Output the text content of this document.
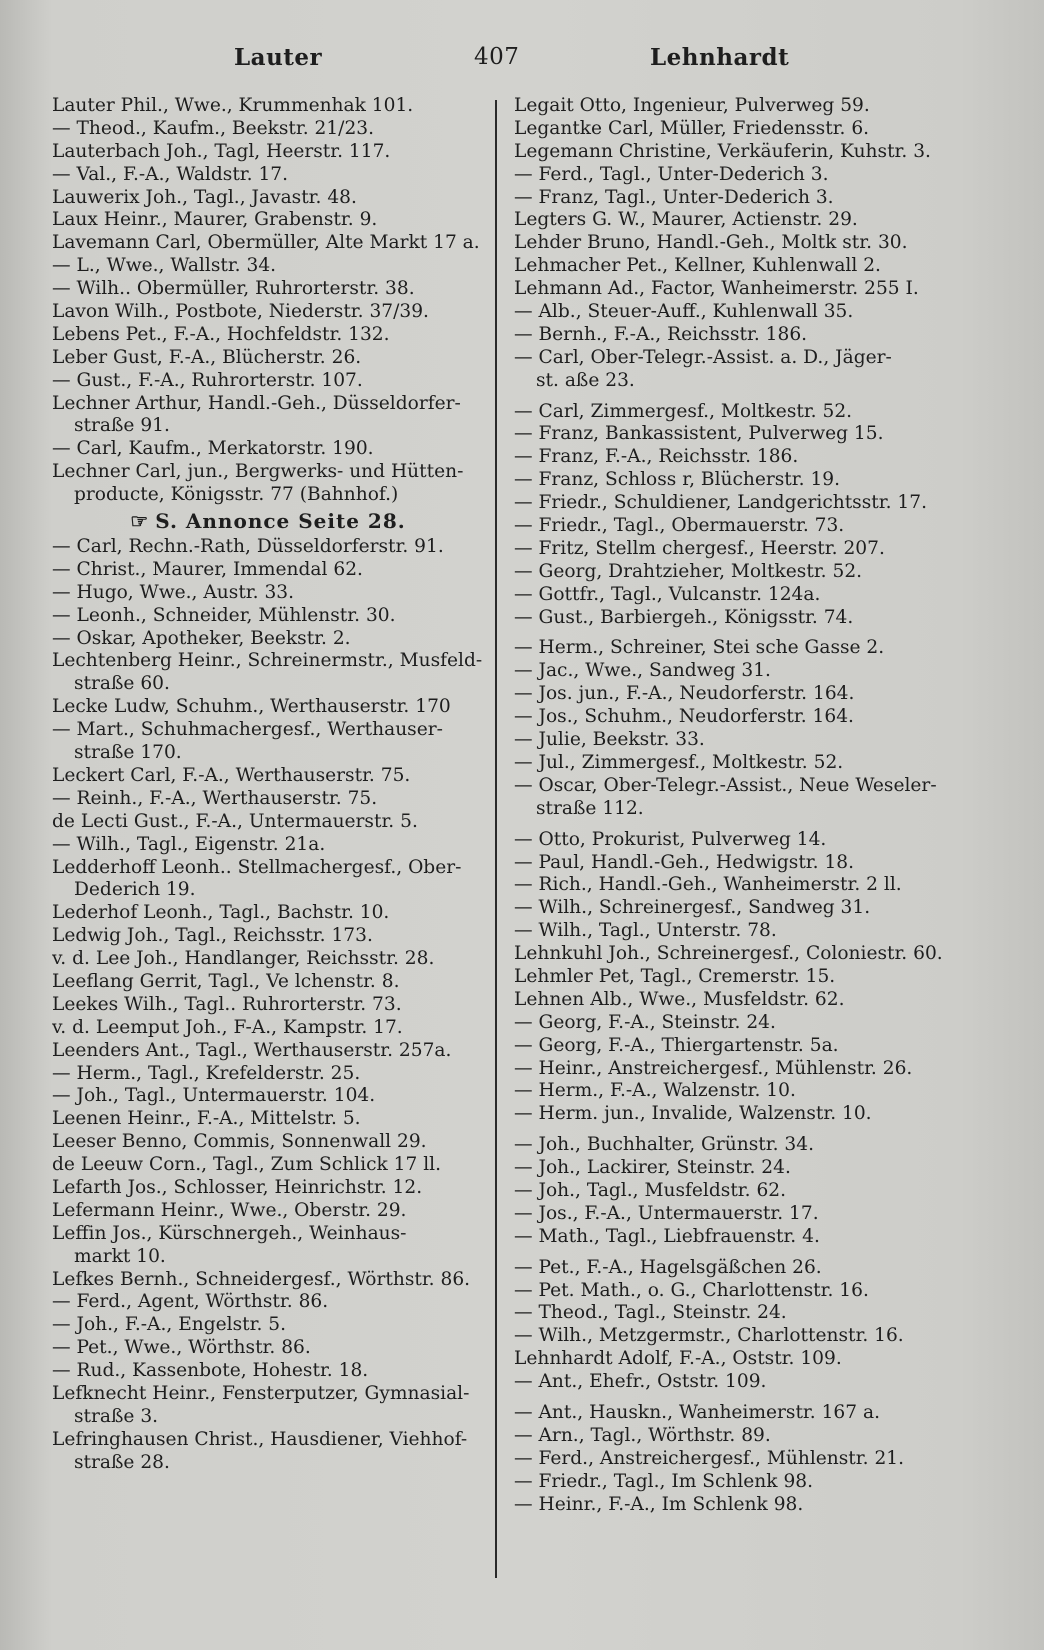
Lauter	407	Lehnhardt
Lauter Phil., Wwe., Krummenhak 101.
— Theod., Kaufm., Beekstr. 21/23.
Lauterbach Joh., Tagl, Heerstr. 117.
— Val., F.-A., Waldstr. 17.
Lauwerix Joh., Tagl., Javastr. 48.
Laux Heinr., Maurer, Grabenstr. 9.
Lavemann Carl, Obermüller, Alte Markt 17 a.
— L., Wwe., Wallstr. 34.
— Wilh.. Obermüller, Ruhrorterstr. 38.
Lavon Wilh., Postbote, Niederstr. 37/39.
Lebens Pet., F.-A., Hochfeldstr. 132.
Leber Gust, F.-A., Blücherstr. 26.
— Gust., F.-A., Ruhrorterstr. 107.
Lechner Arthur, Handl.-Geh., Düsseldorfer-
straße 91.
— Carl, Kaufm., Merkatorstr. 190.
Lechner Carl, jun., Bergwerks- und Hütten-
producte, Königsstr. 77 (Bahnhof.)
☞ S. Annonce Seite 28.
— Carl, Rechn.-Rath, Düsseldorferstr. 91.
— Christ., Maurer, Immendal 62.
— Hugo, Wwe., Austr. 33.
— Leonh., Schneider, Mühlenstr. 30.
— Oskar, Apotheker, Beekstr. 2.
Lechtenberg Heinr., Schreinermstr., Musfeld-
straße 60.
Lecke Ludw, Schuhm., Werthauserstr. 170
— Mart., Schuhmachergesf., Werthauser-
straße 170.
Leckert Carl, F.-A., Werthauserstr. 75.
— Reinh., F.-A., Werthauserstr. 75.
de Lecti Gust., F.-A., Untermauerstr. 5.
— Wilh., Tagl., Eigenstr. 21a.
Ledderhoff Leonh.. Stellmachergesf., Ober-
Dederich 19.
Lederhof Leonh., Tagl., Bachstr. 10.
Ledwig Joh., Tagl., Reichsstr. 173.
v. d. Lee Joh., Handlanger, Reichsstr. 28.
Leeflang Gerrit, Tagl., Ve lchenstr. 8.
Leekes Wilh., Tagl.. Ruhrorterstr. 73.
v. d. Leemput Joh., F-A., Kampstr. 17.
Leenders Ant., Tagl., Werthauserstr. 257a.
— Herm., Tagl., Krefelderstr. 25.
— Joh., Tagl., Untermauerstr. 104.
Leenen Heinr., F.-A., Mittelstr. 5.
Leeser Benno, Commis, Sonnenwall 29.
de Leeuw Corn., Tagl., Zum Schlick 17 ll.
Lefarth Jos., Schlosser, Heinrichstr. 12.
Lefermann Heinr., Wwe., Oberstr. 29.
Leffin Jos., Kürschnergeh., Weinhaus-
markt 10.
Lefkes Bernh., Schneidergesf., Wörthstr. 86.
— Ferd., Agent, Wörthstr. 86.
— Joh., F.-A., Engelstr. 5.
— Pet., Wwe., Wörthstr. 86.
— Rud., Kassenbote, Hohestr. 18.
Lefknecht Heinr., Fensterputzer, Gymnasial-
straße 3.
Lefringhausen Christ., Hausdiener, Viehhof-
straße 28.
Legait Otto, Ingenieur, Pulverweg 59.
Legantke Carl, Müller, Friedensstr. 6.
Legemann Christine, Verkäuferin, Kuhstr. 3.
— Ferd., Tagl., Unter-Dederich 3.
— Franz, Tagl., Unter-Dederich 3.
Legters G. W., Maurer, Actienstr. 29.
Lehder Bruno, Handl.-Geh., Moltk str. 30.
Lehmacher Pet., Kellner, Kuhlenwall 2.
Lehmann Ad., Factor, Wanheimerstr. 255 I.
— Alb., Steuer-Auff., Kuhlenwall 35.
— Bernh., F.-A., Reichsstr. 186.
— Carl, Ober-Telegr.-Assist. a. D., Jäger-
st. aße 23.
— Carl, Zimmergesf., Moltkestr. 52.
— Franz, Bankassistent, Pulverweg 15.
— Franz, F.-A., Reichsstr. 186.
— Franz, Schloss r, Blücherstr. 19.
— Friedr., Schuldiener, Landgerichtsstr. 17.
— Friedr., Tagl., Obermauerstr. 73.
— Fritz, Stellm chergesf., Heerstr. 207.
— Georg, Drahtzieher, Moltkestr. 52.
— Gottfr., Tagl., Vulcanstr. 124a.
— Gust., Barbiergeh., Königsstr. 74.
— Herm., Schreiner, Stei sche Gasse 2.
— Jac., Wwe., Sandweg 31.
— Jos. jun., F.-A., Neudorferstr. 164.
— Jos., Schuhm., Neudorferstr. 164.
— Julie, Beekstr. 33.
— Jul., Zimmergesf., Moltkestr. 52.
— Oscar, Ober-Telegr.-Assist., Neue Weseler-
straße 112.
— Otto, Prokurist, Pulverweg 14.
— Paul, Handl.-Geh., Hedwigstr. 18.
— Rich., Handl.-Geh., Wanheimerstr. 2 ll.
— Wilh., Schreinergesf., Sandweg 31.
— Wilh., Tagl., Unterstr. 78.
Lehnkuhl Joh., Schreinergesf., Coloniestr. 60.
Lehmler Pet, Tagl., Cremerstr. 15.
Lehnen Alb., Wwe., Musfeldstr. 62.
— Georg, F.-A., Steinstr. 24.
— Georg, F.-A., Thiergartenstr. 5a.
— Heinr., Anstreichergesf., Mühlenstr. 26.
— Herm., F.-A., Walzenstr. 10.
— Herm. jun., Invalide, Walzenstr. 10.
— Joh., Buchhalter, Grünstr. 34.
— Joh., Lackirer, Steinstr. 24.
— Joh., Tagl., Musfeldstr. 62.
— Jos., F.-A., Untermauerstr. 17.
— Math., Tagl., Liebfrauenstr. 4.
— Pet., F.-A., Hagelsgäßchen 26.
— Pet. Math., o. G., Charlottenstr. 16.
— Theod., Tagl., Steinstr. 24.
— Wilh., Metzgermstr., Charlottenstr. 16.
Lehnhardt Adolf, F.-A., Oststr. 109.
— Ant., Ehefr., Oststr. 109.
— Ant., Hauskn., Wanheimerstr. 167 a.
— Arn., Tagl., Wörthstr. 89.
— Ferd., Anstreichergesf., Mühlenstr. 21.
— Friedr., Tagl., Im Schlenk 98.
— Heinr., F.-A., Im Schlenk 98.
